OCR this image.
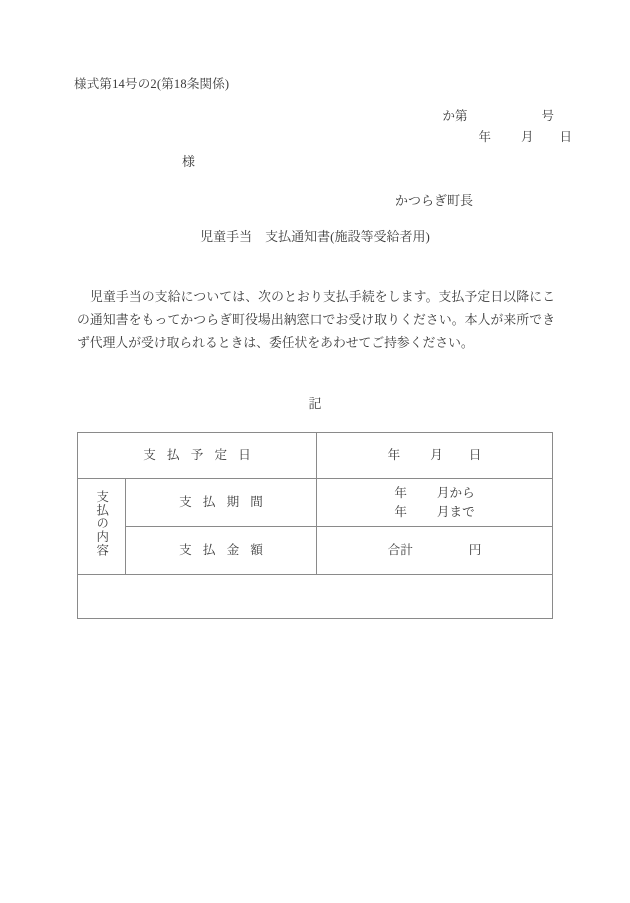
様式第14号の2(第18条関係)

か第	号

年 月 日

様
かつらぎ町長
児童手当　支払通知書(施設等受給者用)
児童手当の支給については、次のとおり支払手続をします。支払予定日以降にこの通知書をもってかつらぎ町役場出納窓口でお受け取りください。本人が来所できず代理人が受け取られるときは、委任状をあわせてご持参ください。
記
支 払 予 定 日		年 月 日
支払の内容	支 払 期 間	年 月から
年 月まで

	支 払 金 額	合計 円
